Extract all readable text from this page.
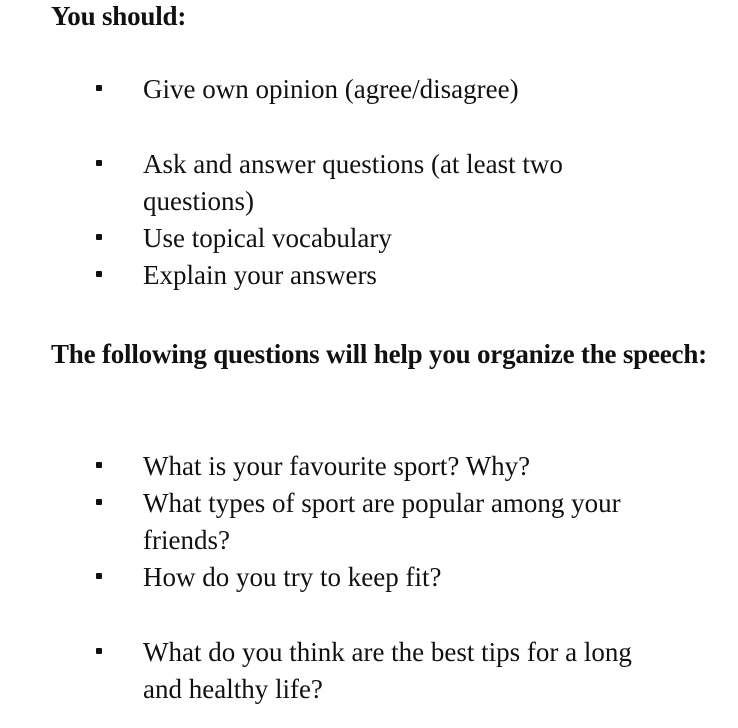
You should:
Give own opinion (agree/disagree)
Ask and answer questions (at least two questions)
Use topical vocabulary
Explain your answers
The following questions will help you organize the speech:
What is your favourite sport? Why?
What types of sport are popular among your friends?
How do you try to keep fit?
What do you think are the best tips for a long and healthy life?
